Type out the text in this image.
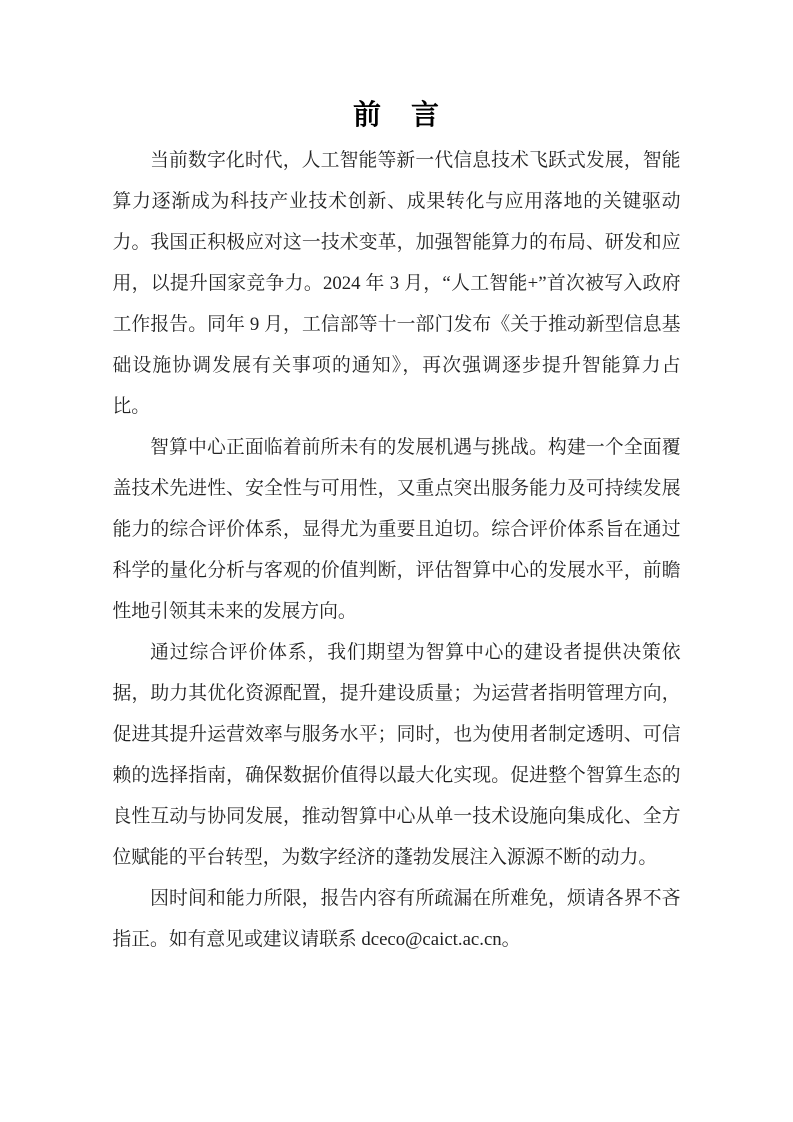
前　言

当前数字化时代，人工智能等新一代信息技术飞跃式发展，智能算力逐渐成为科技产业技术创新、成果转化与应用落地的关键驱动力。我国正积极应对这一技术变革，加强智能算力的布局、研发和应用，以提升国家竞争力。2024 年 3 月，“人工智能+”首次被写入政府工作报告。同年 9 月，工信部等十一部门发布《关于推动新型信息基础设施协调发展有关事项的通知》，再次强调逐步提升智能算力占比。

智算中心正面临着前所未有的发展机遇与挑战。构建一个全面覆盖技术先进性、安全性与可用性，又重点突出服务能力及可持续发展能力的综合评价体系，显得尤为重要且迫切。综合评价体系旨在通过科学的量化分析与客观的价值判断，评估智算中心的发展水平，前瞻性地引领其未来的发展方向。

通过综合评价体系，我们期望为智算中心的建设者提供决策依据，助力其优化资源配置，提升建设质量；为运营者指明管理方向，促进其提升运营效率与服务水平；同时，也为使用者制定透明、可信赖的选择指南，确保数据价值得以最大化实现。促进整个智算生态的良性互动与协同发展，推动智算中心从单一技术设施向集成化、全方位赋能的平台转型，为数字经济的蓬勃发展注入源源不断的动力。

因时间和能力所限，报告内容有所疏漏在所难免，烦请各界不吝指正。如有意见或建议请联系 dceco@caict.ac.cn。
